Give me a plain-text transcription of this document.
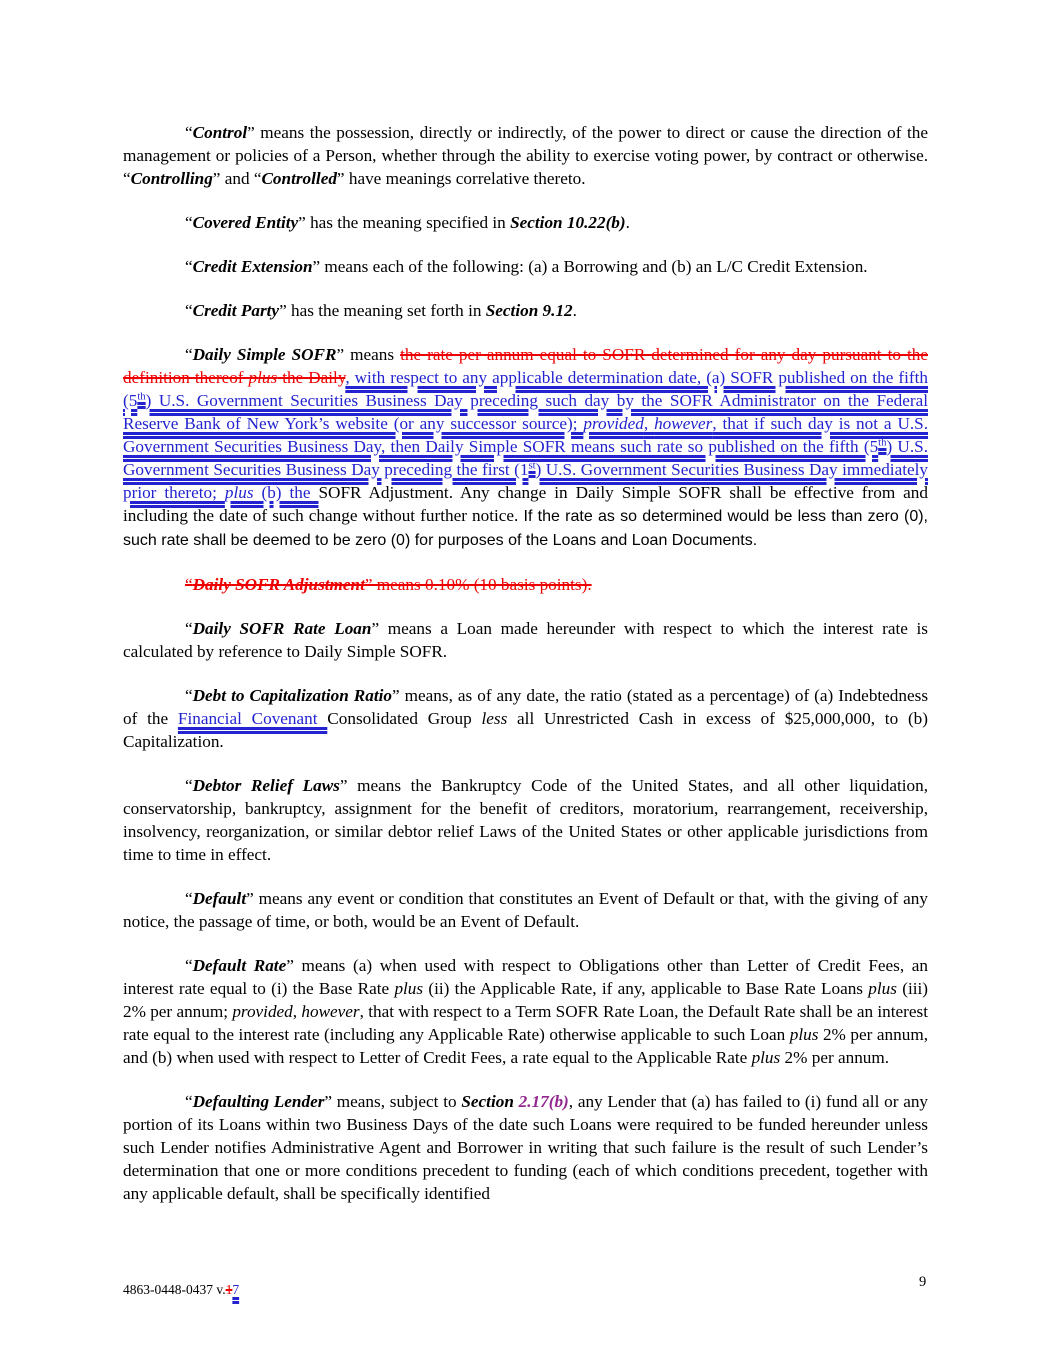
“Control” means the possession, directly or indirectly, of the power to direct or cause the direction of the management or policies of a Person, whether through the ability to exercise voting power, by contract or otherwise. “Controlling” and “Controlled” have meanings correlative thereto.

“Covered Entity” has the meaning specified in Section 10.22(b).

“Credit Extension” means each of the following: (a) a Borrowing and (b) an L/C Credit Extension.

“Credit Party” has the meaning set forth in Section 9.12.

“Daily Simple SOFR” means the rate per annum equal to SOFR determined for any day pursuant to the definition thereof plus the Daily, with respect to any applicable determination date, (a) SOFR published on the fifth (5th) U.S. Government Securities Business Day preceding such day by the SOFR Administrator on the Federal Reserve Bank of New York’s website (or any successor source); provided, however, that if such day is not a U.S. Government Securities Business Day, then Daily Simple SOFR means such rate so published on the fifth (5th) U.S. Government Securities Business Day preceding the first (1st) U.S. Government Securities Business Day immediately prior thereto; plus (b) the SOFR Adjustment. Any change in Daily Simple SOFR shall be effective from and including the date of such change without further notice. If the rate as so determined would be less than zero (0), such rate shall be deemed to be zero (0) for purposes of the Loans and Loan Documents.

“Daily SOFR Adjustment” means 0.10% (10 basis points).

“Daily SOFR Rate Loan” means a Loan made hereunder with respect to which the interest rate is calculated by reference to Daily Simple SOFR.

“Debt to Capitalization Ratio” means, as of any date, the ratio (stated as a percentage) of (a) Indebtedness of the Financial Covenant Consolidated Group less all Unrestricted Cash in excess of $25,000,000, to (b) Capitalization.

“Debtor Relief Laws” means the Bankruptcy Code of the United States, and all other liquidation, conservatorship, bankruptcy, assignment for the benefit of creditors, moratorium, rearrangement, receivership, insolvency, reorganization, or similar debtor relief Laws of the United States or other applicable jurisdictions from time to time in effect.

“Default” means any event or condition that constitutes an Event of Default or that, with the giving of any notice, the passage of time, or both, would be an Event of Default.

“Default Rate” means (a) when used with respect to Obligations other than Letter of Credit Fees, an interest rate equal to (i) the Base Rate plus (ii) the Applicable Rate, if any, applicable to Base Rate Loans plus (iii) 2% per annum; provided, however, that with respect to a Term SOFR Rate Loan, the Default Rate shall be an interest rate equal to the interest rate (including any Applicable Rate) otherwise applicable to such Loan plus 2% per annum, and (b) when used with respect to Letter of Credit Fees, a rate equal to the Applicable Rate plus 2% per annum.

“Defaulting Lender” means, subject to Section 2.17(b), any Lender that (a) has failed to (i) fund all or any portion of its Loans within two Business Days of the date such Loans were required to be funded hereunder unless such Lender notifies Administrative Agent and Borrower in writing that such failure is the result of such Lender’s determination that one or more conditions precedent to funding (each of which conditions precedent, together with any applicable default, shall be specifically identified

4863-0448-0437 v.17	9
